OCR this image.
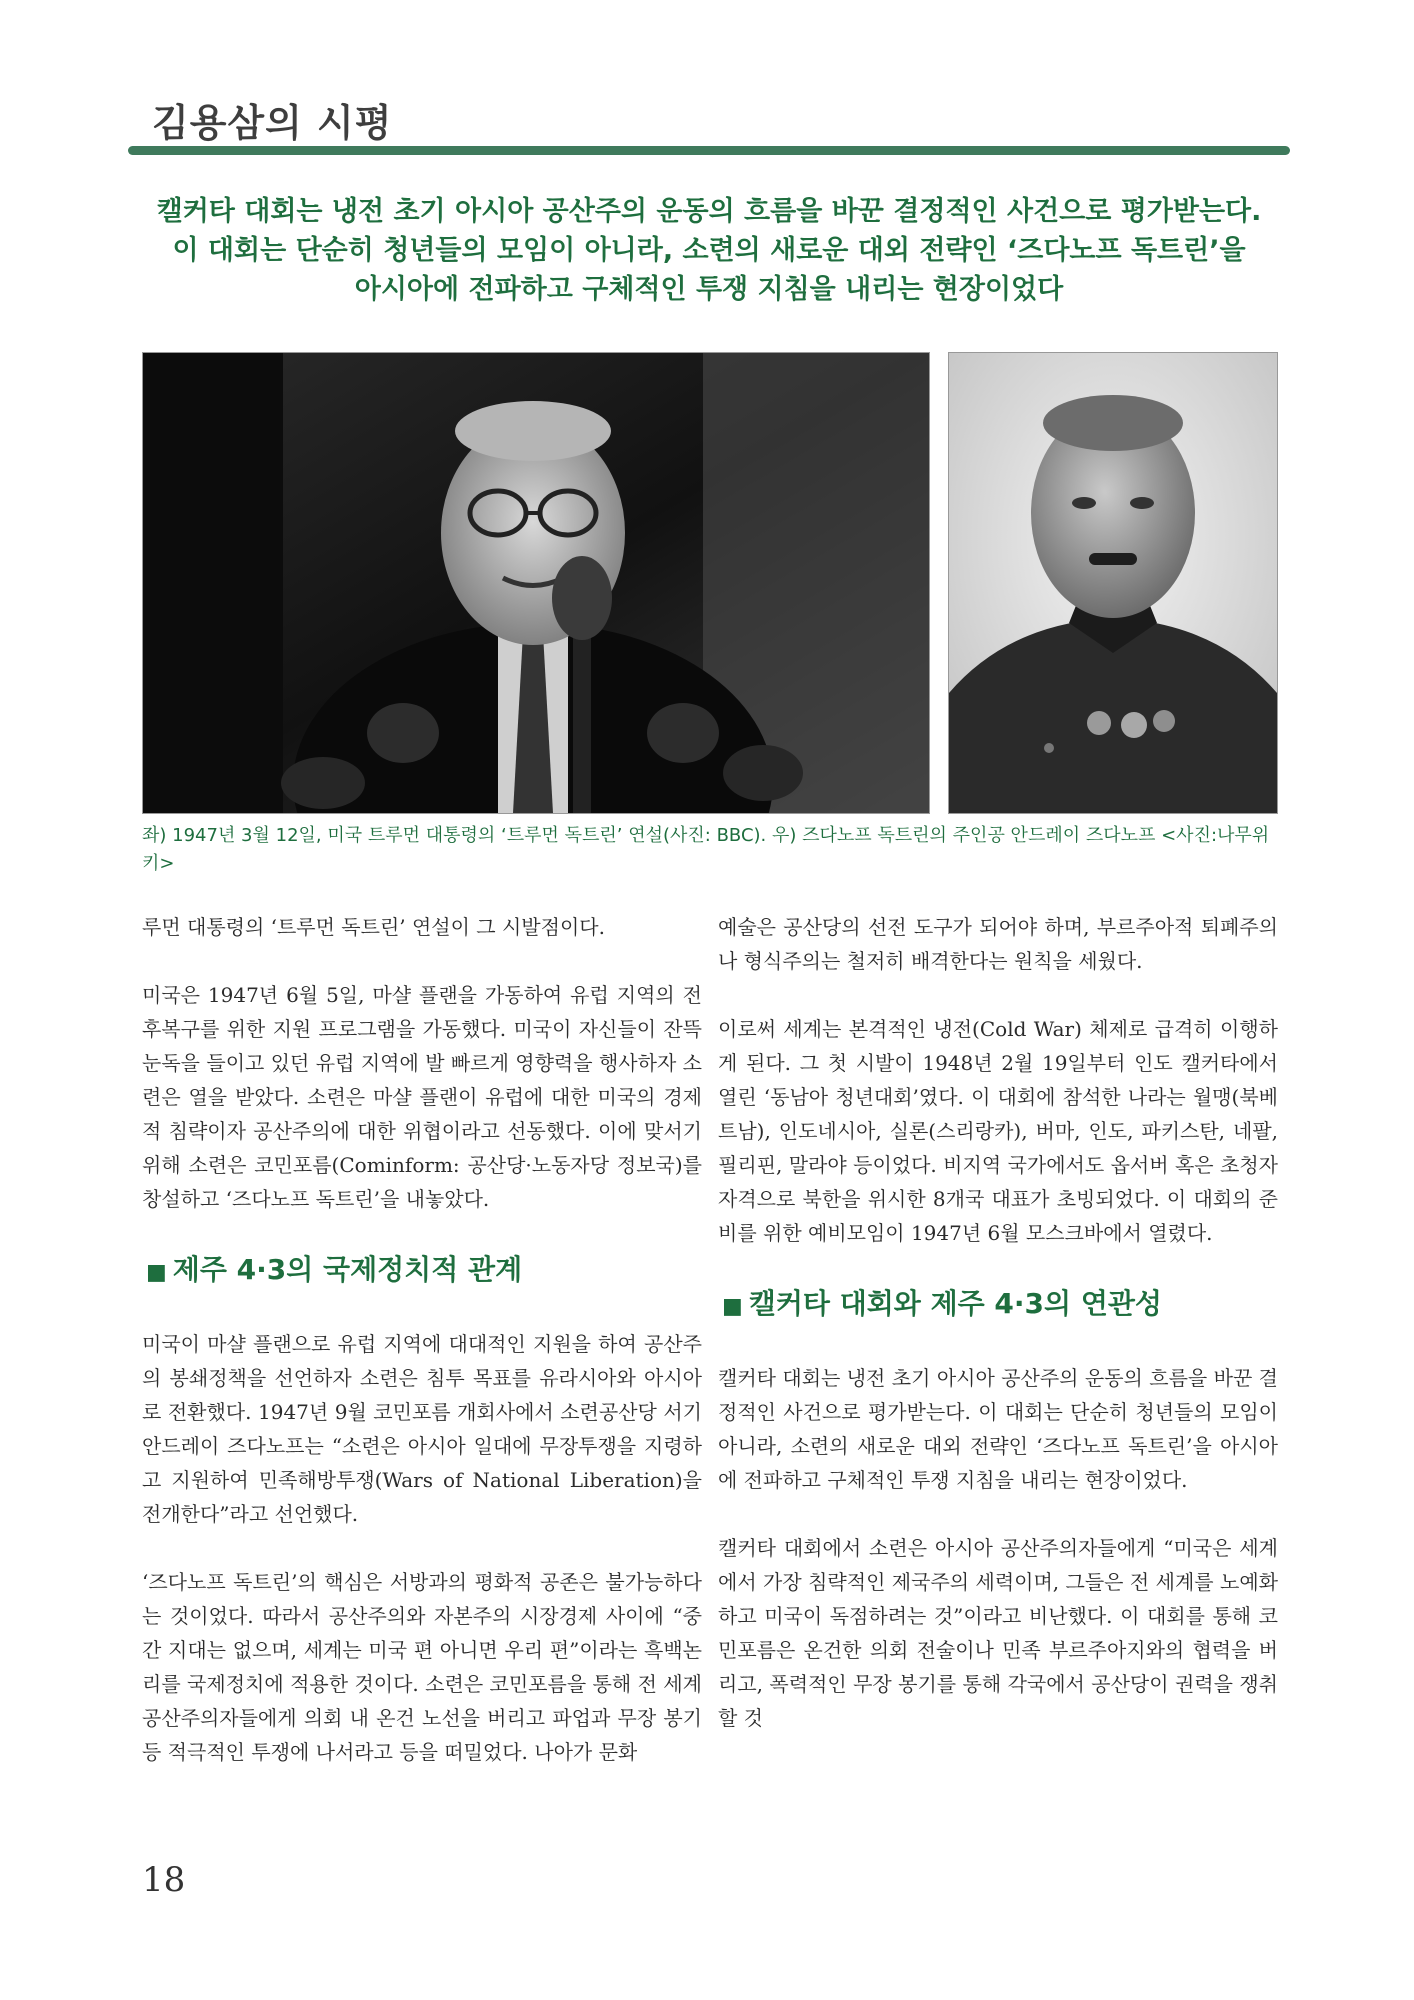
김용삼의 시평
캘커타 대회는 냉전 초기 아시아 공산주의 운동의 흐름을 바꾼 결정적인 사건으로 평가받는다.
이 대회는 단순히 청년들의 모임이 아니라, 소련의 새로운 대외 전략인 ‘즈다노프 독트린’을
아시아에 전파하고 구체적인 투쟁 지침을 내리는 현장이었다
좌) 1947년 3월 12일, 미국 트루먼 대통령의 ‘트루먼 독트린’ 연설(사진: BBC). 우) 즈다노프 독트린의 주인공 안드레이 즈다노프 <사진:나무위키>

루먼 대통령의 ‘트루먼 독트린’ 연설이 그 시발점이다.

미국은 1947년 6월 5일, 마샬 플랜을 가동하여 유럽 지역의 전후복구를 위한 지원 프로그램을 가동했다. 미국이 자신들이 잔뜩 눈독을 들이고 있던 유럽 지역에 발 빠르게 영향력을 행사하자 소련은 열을 받았다. 소련은 마샬 플랜이 유럽에 대한 미국의 경제적 침략이자 공산주의에 대한 위협이라고 선동했다. 이에 맞서기 위해 소련은 코민포름(Cominform: 공산당·노동자당 정보국)를 창설하고 ‘즈다노프 독트린’을 내놓았다.

■ 제주 4·3의 국제정치적 관계

미국이 마샬 플랜으로 유럽 지역에 대대적인 지원을 하여 공산주의 봉쇄정책을 선언하자 소련은 침투 목표를 유라시아와 아시아로 전환했다. 1947년 9월 코민포름 개회사에서 소련공산당 서기 안드레이 즈다노프는 “소련은 아시아 일대에 무장투쟁을 지령하고 지원하여 민족해방투쟁(Wars of National Liberation)을 전개한다”라고 선언했다.

‘즈다노프 독트린’의 핵심은 서방과의 평화적 공존은 불가능하다는 것이었다. 따라서 공산주의와 자본주의 시장경제 사이에 “중간 지대는 없으며, 세계는 미국 편 아니면 우리 편”이라는 흑백논리를 국제정치에 적용한 것이다. 소련은 코민포름을 통해 전 세계 공산주의자들에게 의회 내 온건 노선을 버리고 파업과 무장 봉기 등 적극적인 투쟁에 나서라고 등을 떠밀었다. 나아가 문화

예술은 공산당의 선전 도구가 되어야 하며, 부르주아적 퇴폐주의나 형식주의는 철저히 배격한다는 원칙을 세웠다.

이로써 세계는 본격적인 냉전(Cold War) 체제로 급격히 이행하게 된다. 그 첫 시발이 1948년 2월 19일부터 인도 캘커타에서 열린 ‘동남아 청년대회’였다. 이 대회에 참석한 나라는 월맹(북베트남), 인도네시아, 실론(스리랑카), 버마, 인도, 파키스탄, 네팔, 필리핀, 말라야 등이었다. 비지역 국가에서도 옵서버 혹은 초청자 자격으로 북한을 위시한 8개국 대표가 초빙되었다. 이 대회의 준비를 위한 예비모임이 1947년 6월 모스크바에서 열렸다.

■ 캘커타 대회와 제주 4·3의 연관성

캘커타 대회는 냉전 초기 아시아 공산주의 운동의 흐름을 바꾼 결정적인 사건으로 평가받는다. 이 대회는 단순히 청년들의 모임이 아니라, 소련의 새로운 대외 전략인 ‘즈다노프 독트린’을 아시아에 전파하고 구체적인 투쟁 지침을 내리는 현장이었다.

캘커타 대회에서 소련은 아시아 공산주의자들에게 “미국은 세계에서 가장 침략적인 제국주의 세력이며, 그들은 전 세계를 노예화하고 미국이 독점하려는 것”이라고 비난했다. 이 대회를 통해 코민포름은 온건한 의회 전술이나 민족 부르주아지와의 협력을 버리고, 폭력적인 무장 봉기를 통해 각국에서 공산당이 권력을 쟁취할 것

18
